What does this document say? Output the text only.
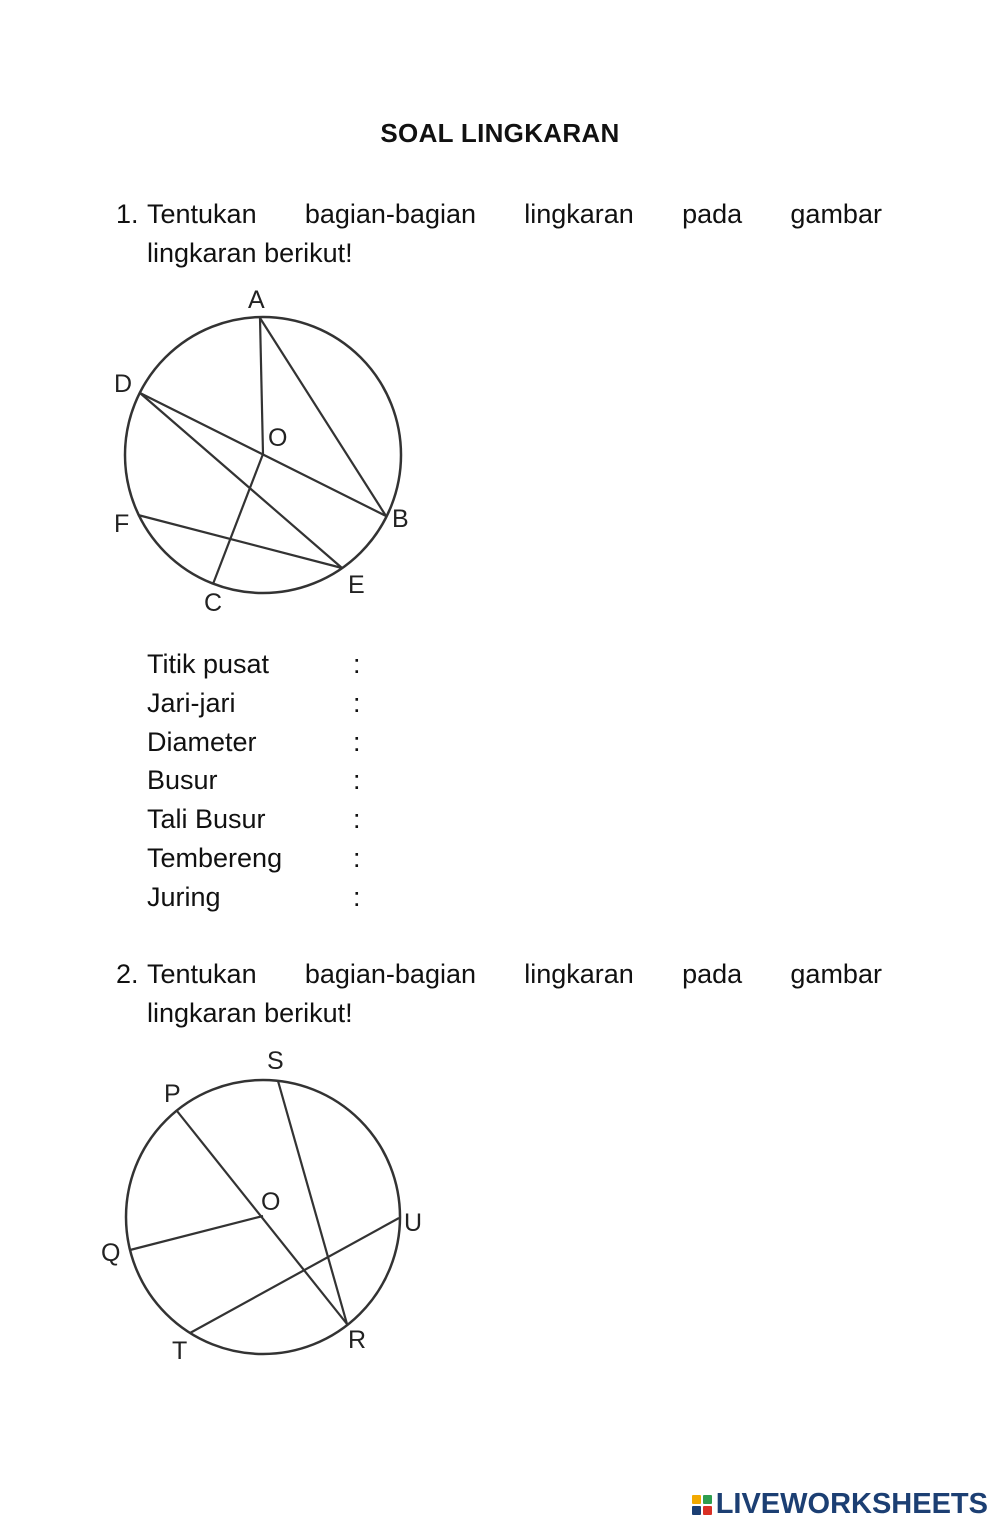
SOAL LINGKARAN
1. Tentukan bagian-bagian lingkaran pada gambar
lingkaran berikut!
A
B
C
D
E
F
O
Titik pusat	:
Jari-jari	:
Diameter	:
Busur	:
Tali Busur	:
Tembereng	:
Juring	:
2. Tentukan bagian-bagian lingkaran pada gambar
lingkaran berikut!
S
P
O
U
Q
T	R
LIVEWORKSHEETS
